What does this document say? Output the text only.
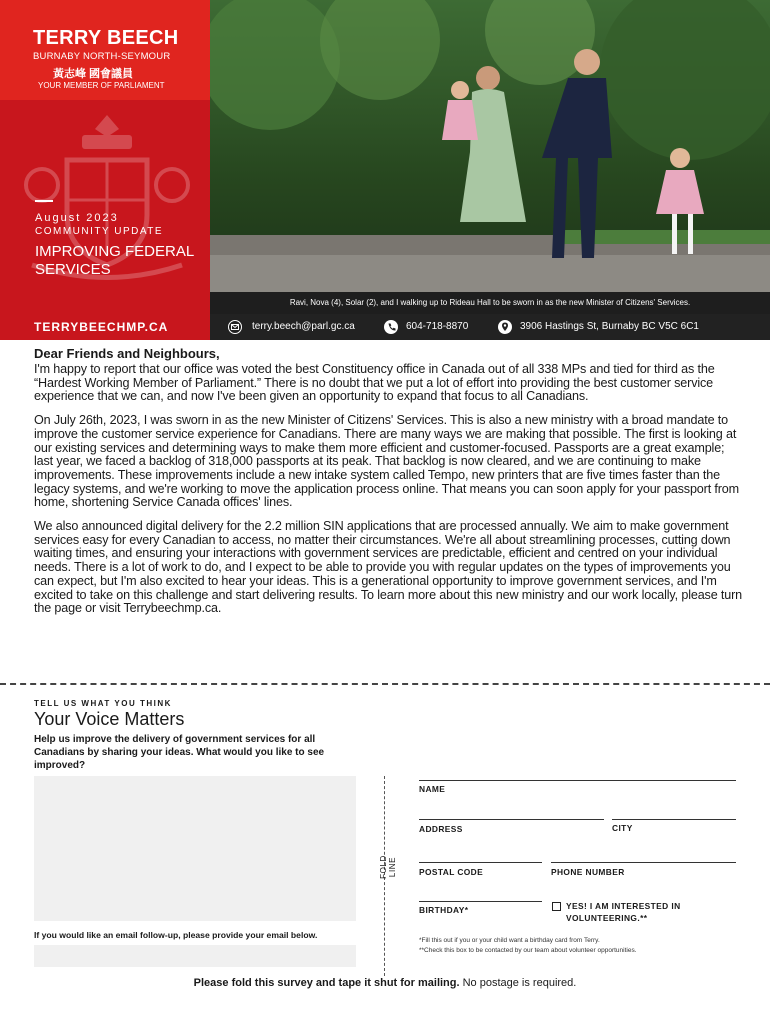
TERRY BEECH
BURNABY NORTH-SEYMOUR
黃志峰 國會議員
YOUR MEMBER OF PARLIAMENT
August 2023
COMMUNITY UPDATE
IMPROVING FEDERAL SERVICES
Ravi, Nova (4), Solar (2), and I walking up to Rideau Hall to be sworn in as the new Minister of Citizens' Services.
TERRYBEECHMP.CA	terry.beech@parl.gc.ca	604-718-8870	3906 Hastings St, Burnaby BC V5C 6C1
Dear Friends and Neighbours,

I'm happy to report that our office was voted the best Constituency office in Canada out of all 338 MPs and tied for third as the “Hardest Working Member of Parliament.” There is no doubt that we put a lot of effort into providing the best customer service experience that we can, and now I've been given an opportunity to expand that focus to all Canadians.

On July 26th, 2023, I was sworn in as the new Minister of Citizens' Services. This is also a new ministry with a broad mandate to improve the customer service experience for Canadians. There are many ways we are making that possible. The first is looking at our existing services and determining ways to make them more efficient and customer-focused. Passports are a great example; last year, we faced a backlog of 318,000 passports at its peak. That backlog is now cleared, and we are continuing to make improvements. These improvements include a new intake system called Tempo, new printers that are five times faster than the legacy systems, and we're working to move the application process online. That means you can soon apply for your passport from home, shortening Service Canada offices' lines.

We also announced digital delivery for the 2.2 million SIN applications that are processed annually. We aim to make government services easy for every Canadian to access, no matter their circumstances. We're all about streamlining processes, cutting down waiting times, and ensuring your interactions with government services are predictable, efficient and centred on your individual needs. There is a lot of work to do, and I expect to be able to provide you with regular updates on the types of improvements you can expect, but I'm also excited to hear your ideas. This is a generational opportunity to improve government services, and I'm excited to take on this challenge and start delivering results. To learn more about this new ministry and our work locally, please turn the page or visit Terrybeechmp.ca.

TELL US WHAT YOU THINK
Your Voice Matters
Help us improve the delivery of government services for all Canadians by sharing your ideas. What would you like to see improved?
If you would like an email follow-up, please provide your email below.
FOLD LINE
NAME
ADDRESS	CITY
POSTAL CODE	PHONE NUMBER
BIRTHDAY*	YES! I AM INTERESTED IN VOLUNTEERING.**
*Fill this out if you or your child want a birthday card from Terry.
**Check this box to be contacted by our team about volunteer opportunities.
Please fold this survey and tape it shut for mailing. No postage is required.
